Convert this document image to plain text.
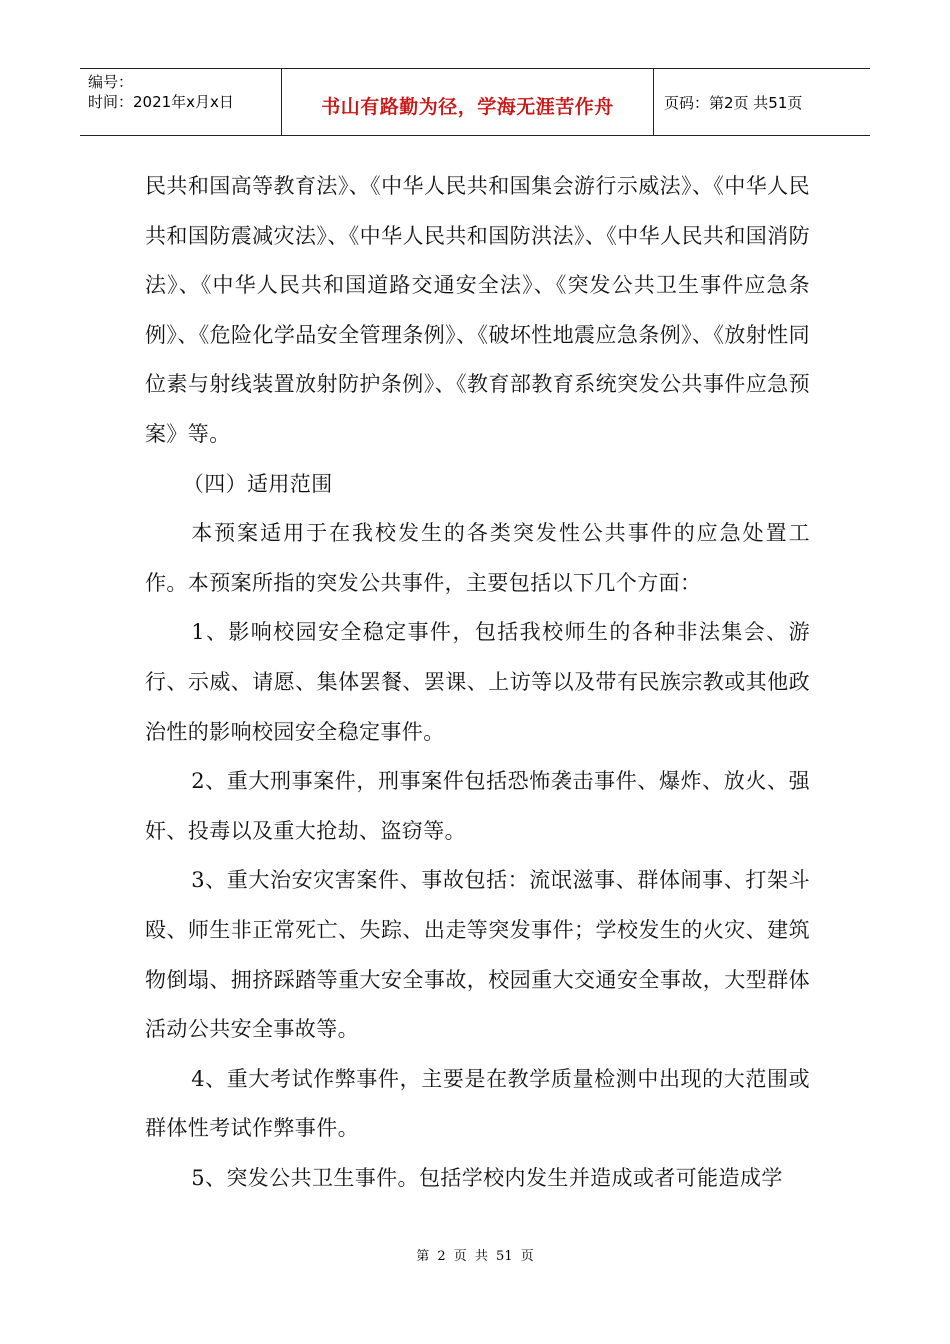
编号：
时间：2021年x月x日	书山有路勤为径，学海无涯苦作舟	页码：第2页 共51页

民共和国高等教育法》、《中华人民共和国集会游行示威法》、《中华人民共和国防震减灾法》、《中华人民共和国防洪法》、《中华人民共和国消防法》、《中华人民共和国道路交通安全法》、《突发公共卫生事件应急条例》、《危险化学品安全管理条例》、《破坏性地震应急条例》、《放射性同位素与射线装置放射防护条例》、《教育部教育系统突发公共事件应急预案》等。

（四）适用范围

本预案适用于在我校发生的各类突发性公共事件的应急处置工作。本预案所指的突发公共事件，主要包括以下几个方面：

1、影响校园安全稳定事件，包括我校师生的各种非法集会、游行、示威、请愿、集体罢餐、罢课、上访等以及带有民族宗教或其他政治性的影响校园安全稳定事件。

2、重大刑事案件，刑事案件包括恐怖袭击事件、爆炸、放火、强奸、投毒以及重大抢劫、盗窃等。

3、重大治安灾害案件、事故包括：流氓滋事、群体闹事、打架斗殴、师生非正常死亡、失踪、出走等突发事件；学校发生的火灾、建筑物倒塌、拥挤踩踏等重大安全事故，校园重大交通安全事故，大型群体活动公共安全事故等。

4、重大考试作弊事件，主要是在教学质量检测中出现的大范围或群体性考试作弊事件。

5、突发公共卫生事件。包括学校内发生并造成或者可能造成学

第 2 页 共 51 页
